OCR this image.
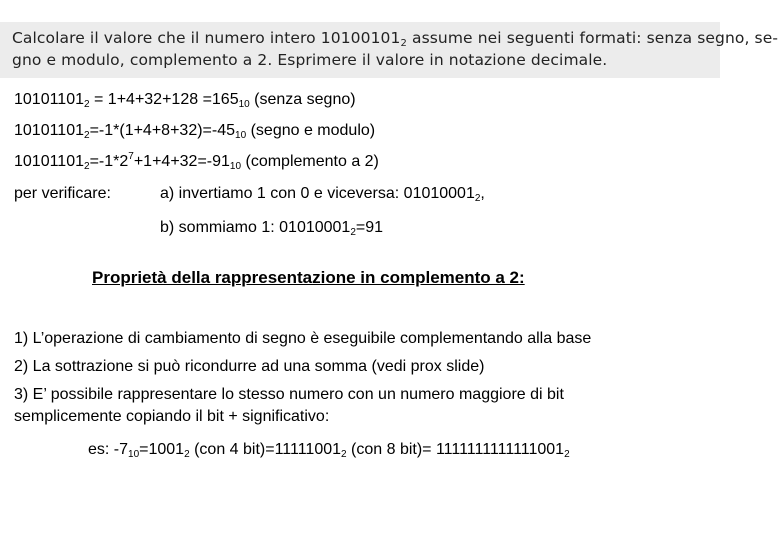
Calcolare il valore che il numero intero $10100101_2$ assume nei seguenti formati: senza segno, se-
gno e modulo, complemento a 2. Esprimere il valore in notazione decimale.
$10101101_2 = 1+4+32+128 =165_{10}$ (senza segno)
$10101101_2=-1*(1+4+8+32)=-45_{10}$ (segno e modulo)
$10101101_2=-1*2^7+1+4+32=-91_{10}$ (complemento a 2)
per verificare:	a) invertiamo 1 con 0 e viceversa: $01010001_2$,
b) sommiamo 1: $01010001_2=91$
Proprietà della rappresentazione in complemento a 2:
1) L’operazione di cambiamento di segno è eseguibile complementando alla base
2) La sottrazione si può ricondurre ad una somma (vedi prox slide)
3) E’ possibile rappresentare lo stesso numero con un numero maggiore di bit
semplicemente copiando il bit + significativo:
es: $-7_{10}=1001_2$ (con 4 $bit)=11111001_2$ (con 8 $bit)= 1111111111111001_2$
